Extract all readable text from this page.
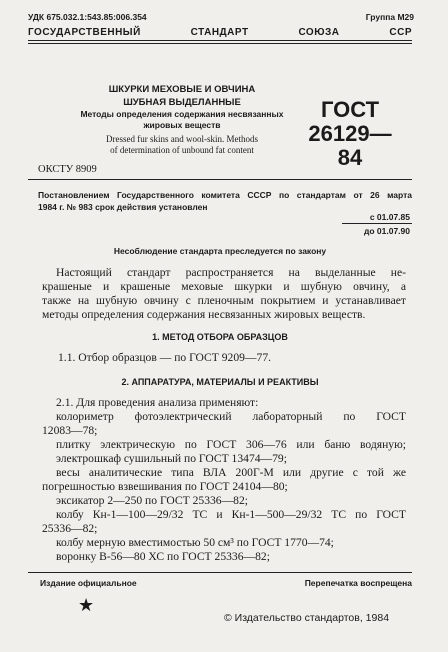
УДК 675.032.1:543.85:006.354	Группа М29
ГОСУДАРСТВЕННЫЙ СТАНДАРТ СОЮЗА ССР
ШКУРКИ МЕХОВЫЕ И ОВЧИНА
ШУБНАЯ ВЫДЕЛАННЫЕ
Методы определения содержания несвязанных
жировых веществ
Dressed fur skins and wool-skin. Methods
of determination of unbound fat content
ГОСТ
26129—84
ОКСТУ 8909
Постановлением Государственного комитета СССР по стандартам от 26 марта
1984 г. № 983 срок действия установлен
с 01.07.85
до 01.07.90
Несоблюдение стандарта преследуется по закону
Настоящий стандарт распространяется на выделанные не-
крашеные и крашеные меховые шкурки и шубную овчину, а
также на шубную овчину с пленочным покрытием и устанавливает
методы определения содержания несвязанных жировых веществ.
1. МЕТОД ОТБОРА ОБРАЗЦОВ
1.1. Отбор образцов — по ГОСТ 9209—77.
2. АППАРАТУРА, МАТЕРИАЛЫ И РЕАКТИВЫ
2.1. Для проведения анализа применяют:
колориметр фотоэлектрический лабораторный по ГОСТ
12083—78;
плитку электрическую по ГОСТ 306—76 или баню водяную;
электрошкаф сушильный по ГОСТ 13474—79;
весы аналитические типа ВЛА 200Г-М или другие с той же
погрешностью взвешивания по ГОСТ 24104—80;
эксикатор 2—250 по ГОСТ 25336—82;
колбу Кн-1—100—29/32 ТС и Кн-1—500—29/32 ТС по ГОСТ
25336—82;
колбу мерную вместимостью 50 см³ по ГОСТ 1770—74;
воронку В-56—80 ХС по ГОСТ 25336—82;
Издание официальное	Перепечатка воспрещена
★
© Издательство стандартов, 1984
